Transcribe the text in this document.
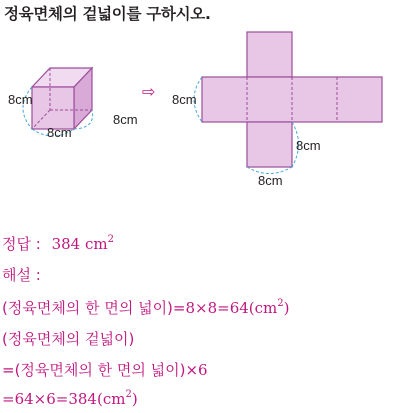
정육면체의 겉넓이를 구하시오.
8cm
8cm
8cm
⇨ 8cm
8cm
8cm
정답 : 384 $cm^2$
해설 :
(정육면체의 한 면의 넓이)$=8\times 8=64(cm^2)$
(정육면체의 겉넓이)
=(정육면체의 한 면의 넓이)×6
$=64\times 6=384(cm^2)$
